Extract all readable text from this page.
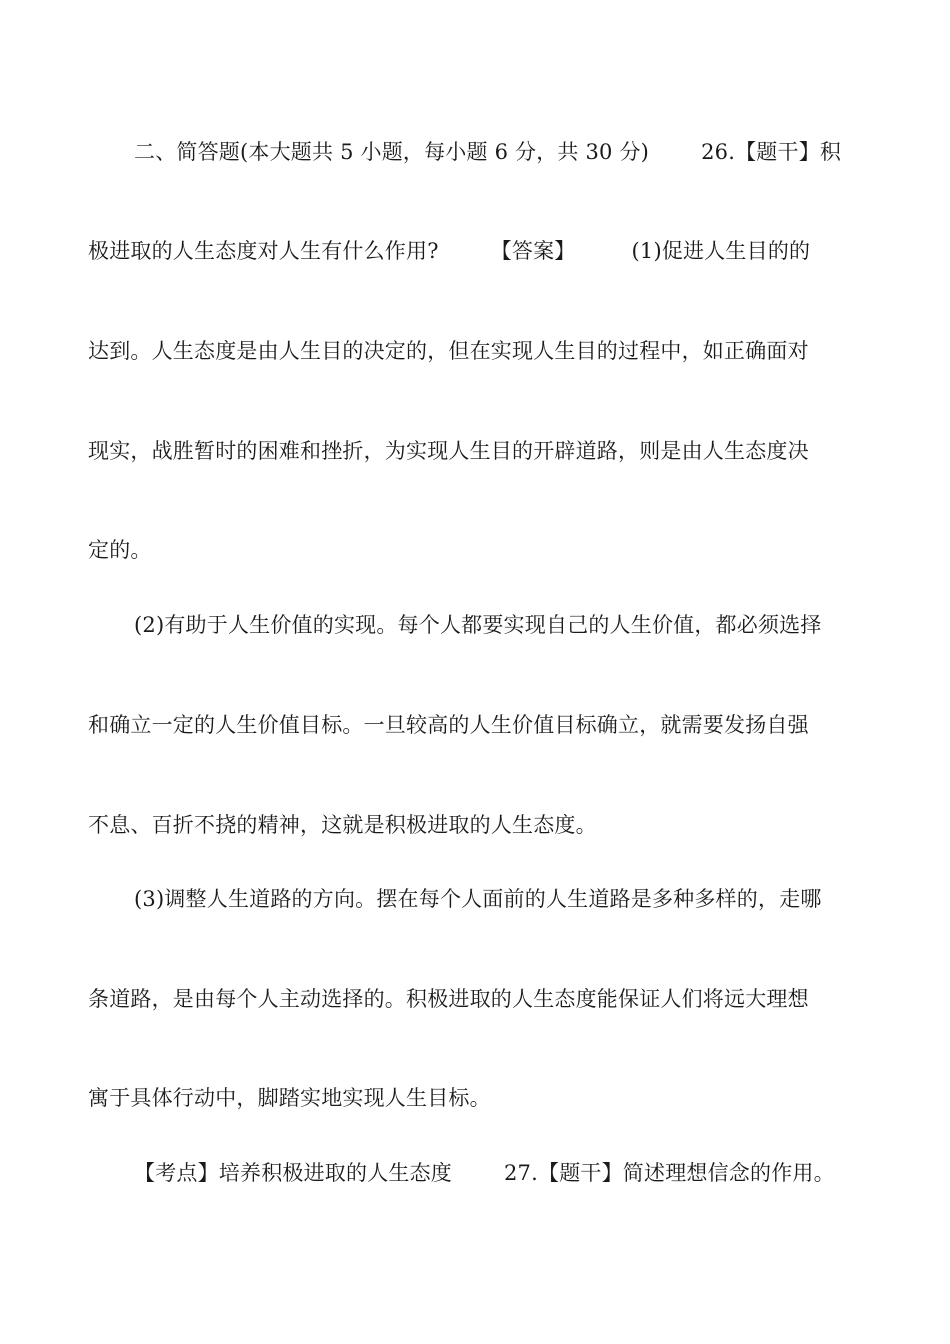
二、简答题(本大题共 5 小题，每小题 6 分，共 30 分) 26.【题干】积
极进取的人生态度对人生有什么作用? 【答案】	(1)促进人生目的的
达到。人生态度是由人生目的决定的，但在实现人生目的过程中，如正确面对
现实，战胜暂时的困难和挫折，为实现人生目的开辟道路，则是由人生态度决
定的。
(2)有助于人生价值的实现。每个人都要实现自己的人生价值，都必须选择
和确立一定的人生价值目标。一旦较高的人生价值目标确立，就需要发扬自强
不息、百折不挠的精神，这就是积极进取的人生态度。
(3)调整人生道路的方向。摆在每个人面前的人生道路是多种多样的，走哪
条道路，是由每个人主动选择的。积极进取的人生态度能保证人们将远大理想
寓于具体行动中，脚踏实地实现人生目标。
【考点】培养积极进取的人生态度 27.【题干】简述理想信念的作用。
